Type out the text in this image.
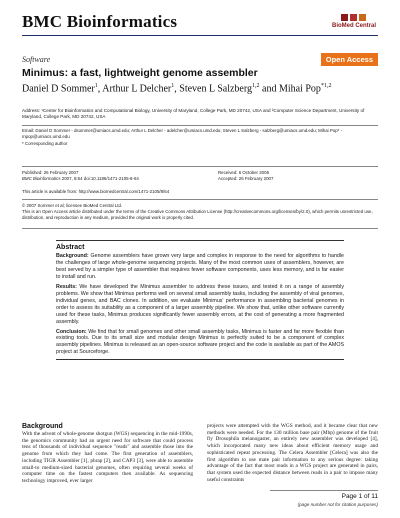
BMC Bioinformatics	BioMed Central
Software	Open Access
Minimus: a fast, lightweight genome assembler
Daniel D Sommer$^1$, Arthur L Delcher$^1$, Steven L Salzberg$^{1,2}$ and Mihai Pop$^{*1,2}$
Address: ¹Center for Bioinformatics and Computational Biology, University of Maryland, College Park, MD 20742, USA and ²Computer Science Department, University of Maryland, College Park, MD 20742, USA
Email: Daniel D Sommer - dsommer@umiacs.umd.edu; Arthur L Delcher - adelcher@umiacs.umd.edu; Steven L Salzberg - salzberg@umiacs.umd.edu; Mihai Pop* - mpop@umiacs.umd.edu
* Corresponding author
Published: 26 February 2007
BMC Bioinformatics 2007, 8:64 doi:10.1186/1471-2105-8-64
Received: 6 October 2006
Accepted: 26 February 2007
This article is available from: http://www.biomedcentral.com/1471-2105/8/64
© 2007 Sommer et al; licensee BioMed Central Ltd.
This is an Open Access article distributed under the terms of the Creative Commons Attribution License (http://creativecommons.org/licenses/by/2.0), which permits unrestricted use, distribution, and reproduction in any medium, provided the original work is properly cited.
Abstract

Background: Genome assemblers have grown very large and complex in response to the need for algorithms to handle the challenges of large whole-genome sequencing projects. Many of the most common uses of assemblers, however, are best served by a simpler type of assembler that requires fewer software components, uses less memory, and is far easier to install and run.

Results: We have developed the Minimus assembler to address these issues, and tested it on a range of assembly problems. We show that Minimus performs well on several small assembly tasks, including the assembly of viral genomes, individual genes, and BAC clones. In addition, we evaluate Minimus' performance in assembling bacterial genomes in order to assess its suitability as a component of a larger assembly pipeline. We show that, unlike other software currently used for these tasks, Minimus produces significantly fewer assembly errors, at the cost of generating a more fragmented assembly.

Conclusion: We find that for small genomes and other small assembly tasks, Minimus is faster and far more flexible than existing tools. Due to its small size and modular design Minimus is perfectly suited to be a component of complex assembly pipelines. Minimus is released as an open-source software project and the code is available as part of the AMOS project at Sourceforge.

Background

With the advent of whole-genome shotgun (WGS) sequencing in the mid-1990s, the genomics community had an urgent need for software that could process tens of thousands of individual sequence "reads" and assemble those into the genome from which they had come. The first generation of assemblers, including TIGR Assembler [1], phrap [2], and CAP3 [3], were able to assemble small-to medium-sized bacterial genomes, often requiring several weeks of computer time on the fastest computers then available. As sequencing technology improved, ever larger

projects were attempted with the WGS method, and it became clear that new methods were needed. For the 130 million base pair (Mbp) genome of the fruit fly Drosophila melanogaster, an entirely new assembler was developed [4], which incorporated many new ideas about efficient memory usage and sophisticated repeat processing. The Celera Assembler [Celera] was also the first algorithm to use mate pair information to any serious degree: taking advantage of the fact that most reads in a WGS project are generated in pairs, that system used the expected distance between reads in a pair to impose many useful constraints

Page 1 of 11
(page number not for citation purposes)
